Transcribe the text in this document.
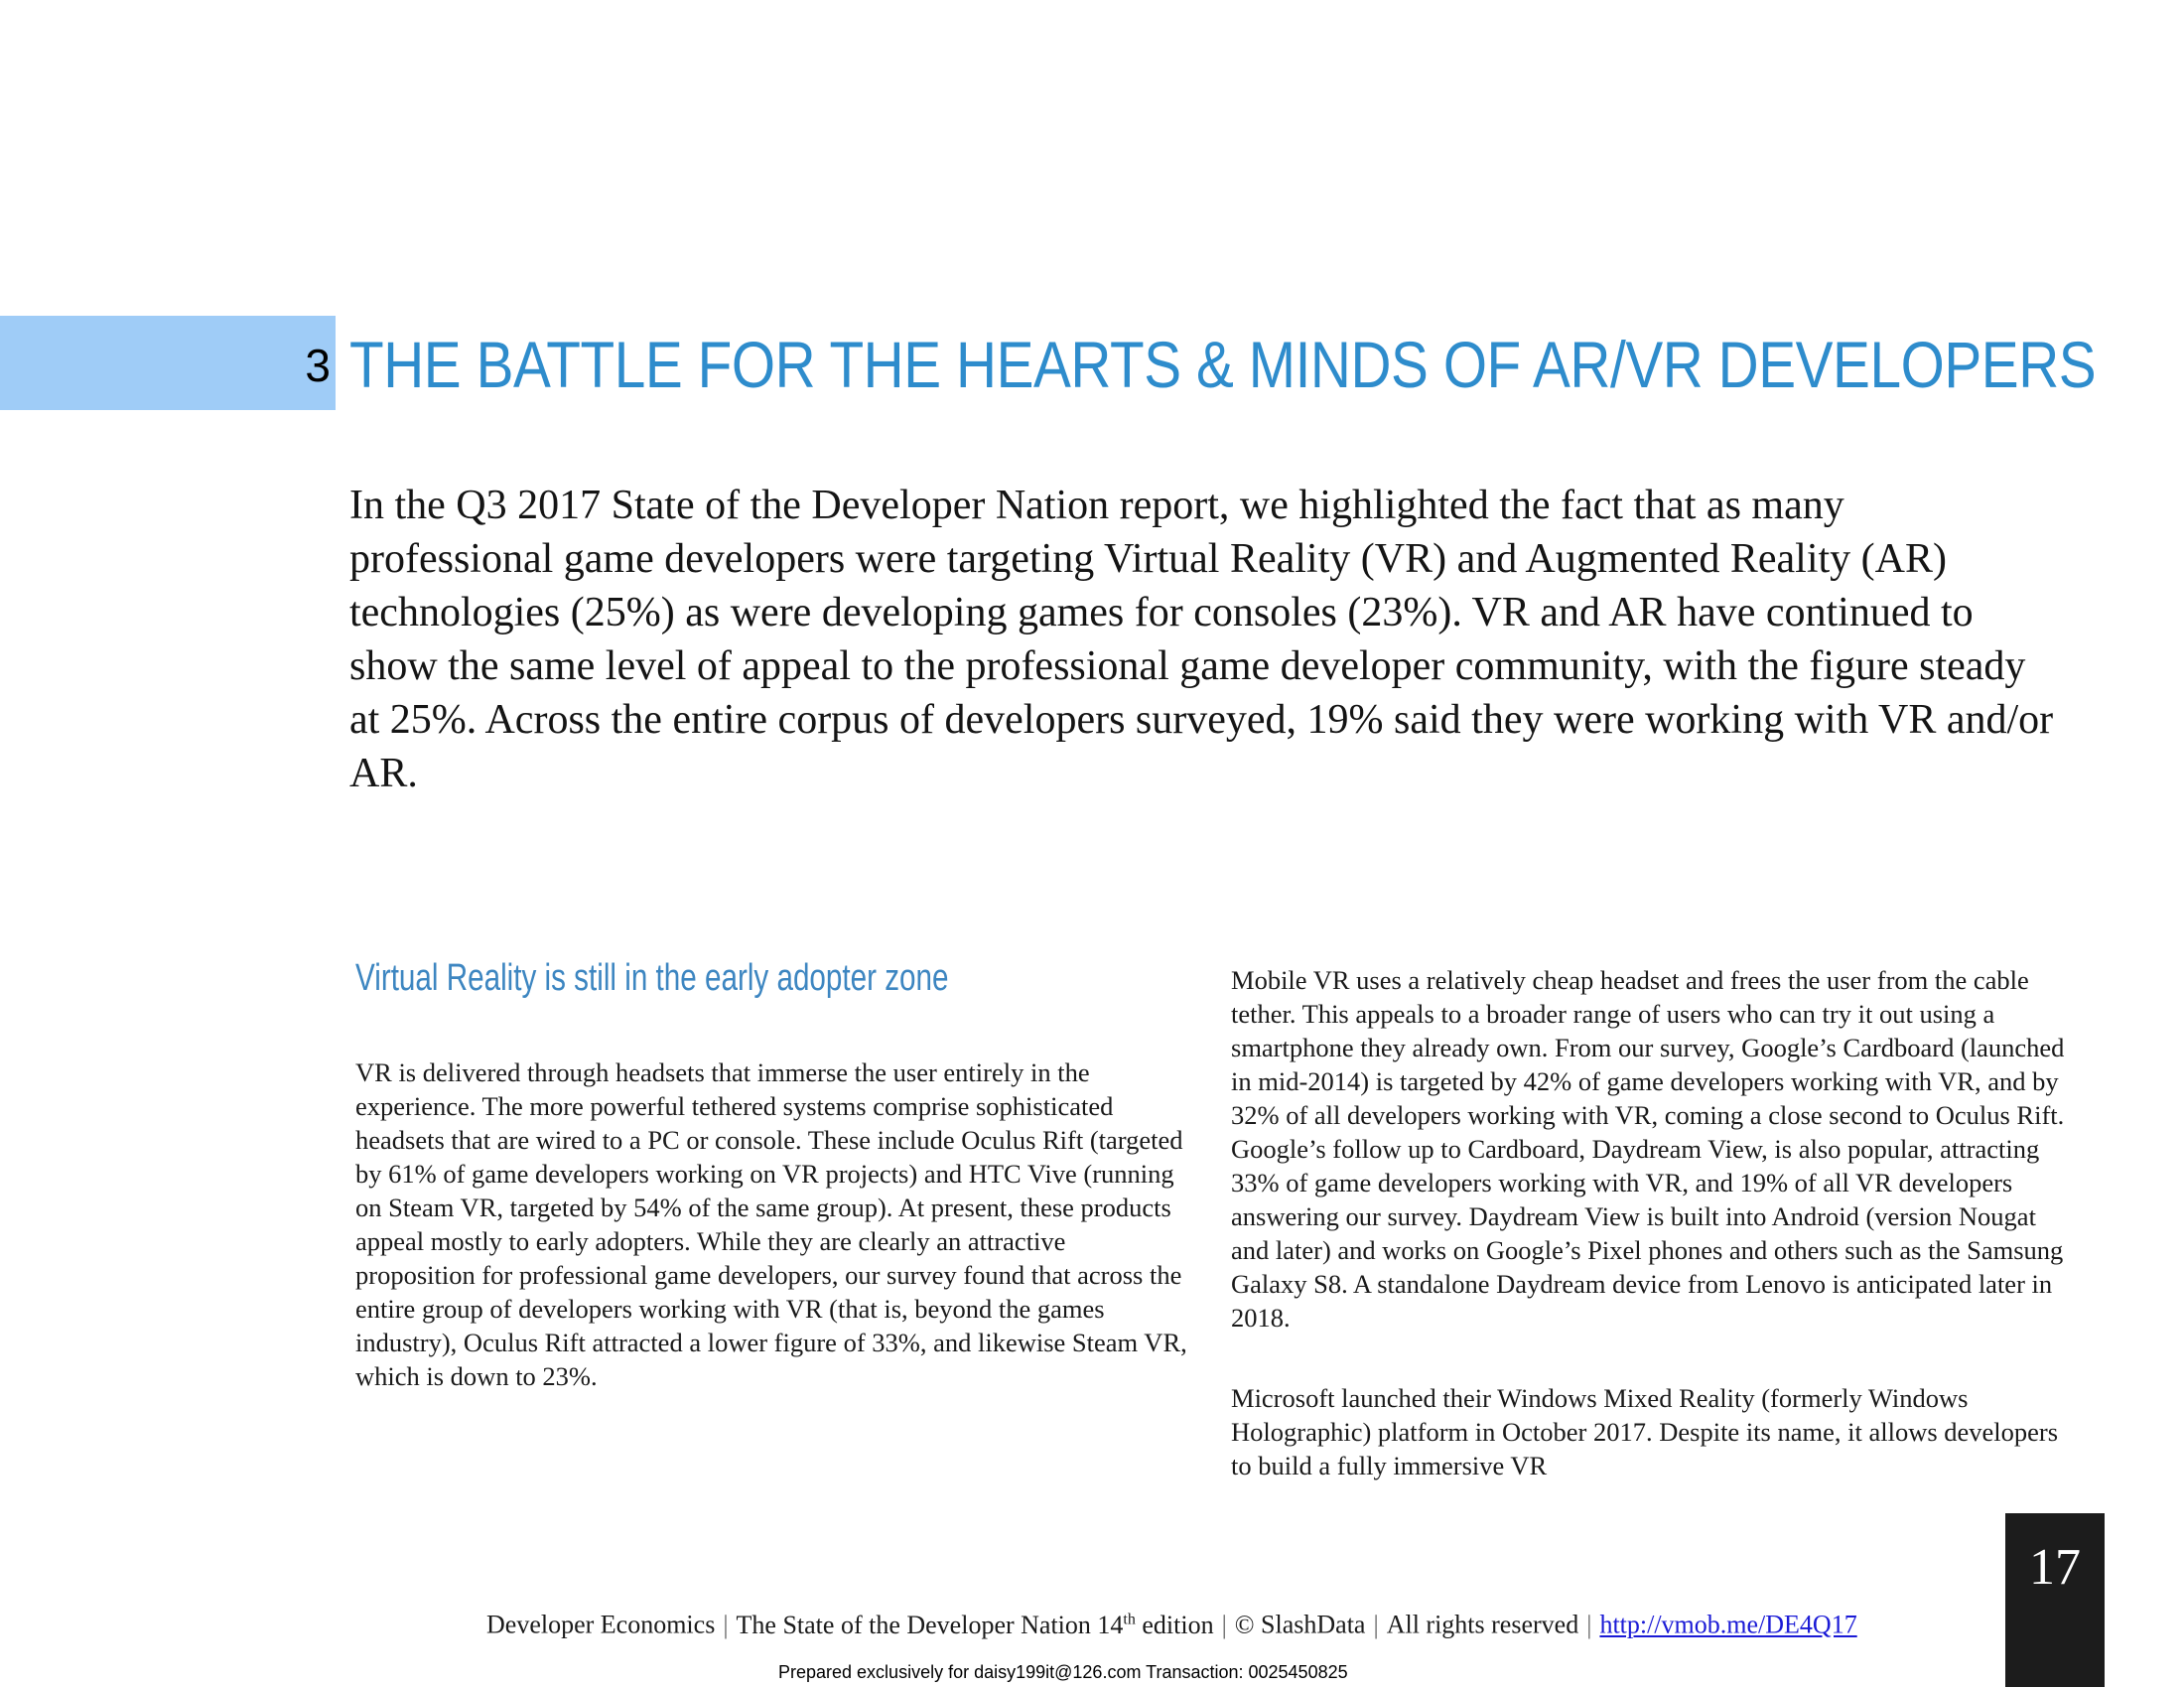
3 THE BATTLE FOR THE HEARTS & MINDS OF AR/VR DEVELOPERS

In the Q3 2017 State of the Developer Nation report, we highlighted the fact that as many professional game developers were targeting Virtual Reality (VR) and Augmented Reality (AR) technologies (25%) as were developing games for consoles (23%). VR and AR have continued to show the same level of appeal to the professional game developer community, with the figure steady at 25%. Across the entire corpus of developers surveyed, 19% said they were working with VR and/or AR.

Virtual Reality is still in the early adopter zone

VR is delivered through headsets that immerse the user entirely in the experience. The more powerful tethered systems comprise sophisticated headsets that are wired to a PC or console. These include Oculus Rift (targeted by 61% of game developers working on VR projects) and HTC Vive (running on Steam VR, targeted by 54% of the same group). At present, these products appeal mostly to early adopters. While they are clearly an attractive proposition for professional game developers, our survey found that across the entire group of developers working with VR (that is, beyond the games industry), Oculus Rift attracted a lower figure of 33%, and likewise Steam VR, which is down to 23%.

Mobile VR uses a relatively cheap headset and frees the user from the cable tether. This appeals to a broader range of users who can try it out using a smartphone they already own. From our survey, Google’s Cardboard (launched in mid-2014) is targeted by 42% of game developers working with VR, and by 32% of all developers working with VR, coming a close second to Oculus Rift. Google’s follow up to Cardboard, Daydream View, is also popular, attracting 33% of game developers working with VR, and 19% of all VR developers answering our survey. Daydream View is built into Android (version Nougat and later) and works on Google’s Pixel phones and others such as the Samsung Galaxy S8. A standalone Daydream device from Lenovo is anticipated later in 2018.

Microsoft launched their Windows Mixed Reality (formerly Windows Holographic) platform in October 2017. Despite its name, it allows developers to build a fully immersive VR

Developer Economics | The State of the Developer Nation 14th edition | © SlashData | All rights reserved | http://vmob.me/DE4Q17
17
Prepared exclusively for daisy199it@126.com Transaction: 0025450825
